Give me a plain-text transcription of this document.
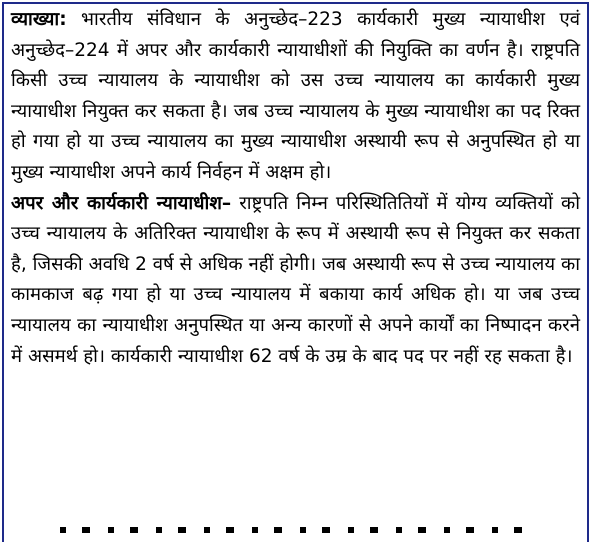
व्याख्या: भारतीय संविधान के अनुच्छेद–223 कार्यकारी मुख्य न्यायाधीश एवं अनुच्छेद–224 में अपर और कार्यकारी न्यायाधीशों की नियुक्ति का वर्णन है। राष्ट्रपति किसी उच्च न्यायालय के न्यायाधीश को उस उच्च न्यायालय का कार्यकारी मुख्य न्यायाधीश नियुक्त कर सकता है। जब उच्च न्यायालय के मुख्य न्यायाधीश का पद रिक्त हो गया हो या उच्च न्यायालय का मुख्य न्यायाधीश अस्थायी रूप से अनुपस्थित हो या मुख्य न्यायाधीश अपने कार्य निर्वहन में अक्षम हो।

अपर और कार्यकारी न्यायाधीश– राष्ट्रपति निम्न परिस्थितितियों में योग्य व्यक्तियों को उच्च न्यायालय के अतिरिक्त न्यायाधीश के रूप में अस्थायी रूप से नियुक्त कर सकता है, जिसकी अवधि 2 वर्ष से अधिक नहीं होगी। जब अस्थायी रूप से उच्च न्यायालय का कामकाज बढ़ गया हो या उच्च न्यायालय में बकाया कार्य अधिक हो। या जब उच्च न्यायालय का न्यायाधीश अनुपस्थित या अन्य कारणों से अपने कार्यों का निष्पादन करने में असमर्थ हो। कार्यकारी न्यायाधीश 62 वर्ष के उम्र के बाद पद पर नहीं रह सकता है।
